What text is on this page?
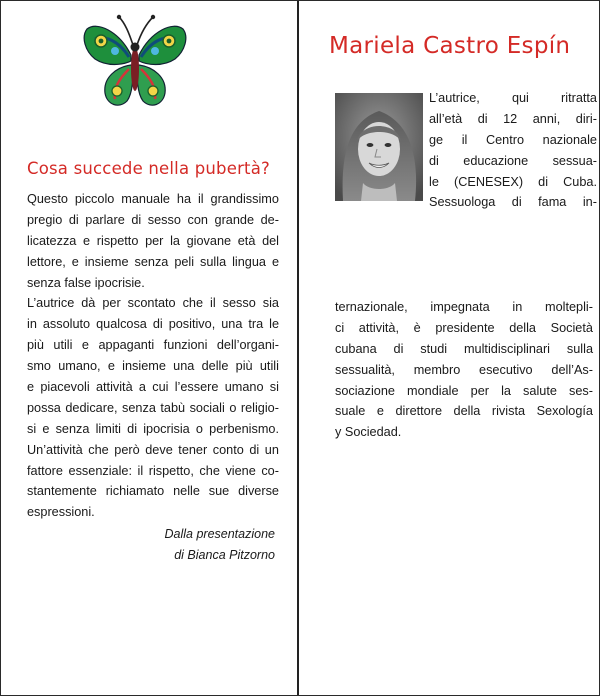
Cosa succede nella pubertà?
Questo piccolo manuale ha il grandissimo
pregio di parlare di sesso con grande de-
licatezza e rispetto per la giovane età del
lettore, e insieme senza peli sulla lingua e
senza false ipocrisie.
L’autrice dà per scontato che il sesso sia
in assoluto qualcosa di positivo, una tra le
più utili e appaganti funzioni dell’organi-
smo umano, e insieme una delle più utili
e piacevoli attività a cui l’essere umano si
possa dedicare, senza tabù sociali o religio-
si e senza limiti di ipocrisia o perbenismo.
Un’attività che però deve tener conto di un
fattore essenziale: il rispetto, che viene co-
stantemente richiamato nelle sue diverse
espressioni.
Dalla presentazione
di Bianca Pitzorno
Mariela Castro Espín
L’autrice,	qui	ritratta
all’età di 12 anni, diri-
ge il Centro nazionale
di educazione sessua-
le (CENESEX) di Cuba.
Sessuologa di fama in-
ternazionale, impegnata in moltepli-
ci attività, è presidente della Società
cubana di studi multidisciplinari sulla
sessualità, membro esecutivo dell’As-
sociazione mondiale per la salute ses-
suale e direttore della rivista Sexología
y Sociedad.
